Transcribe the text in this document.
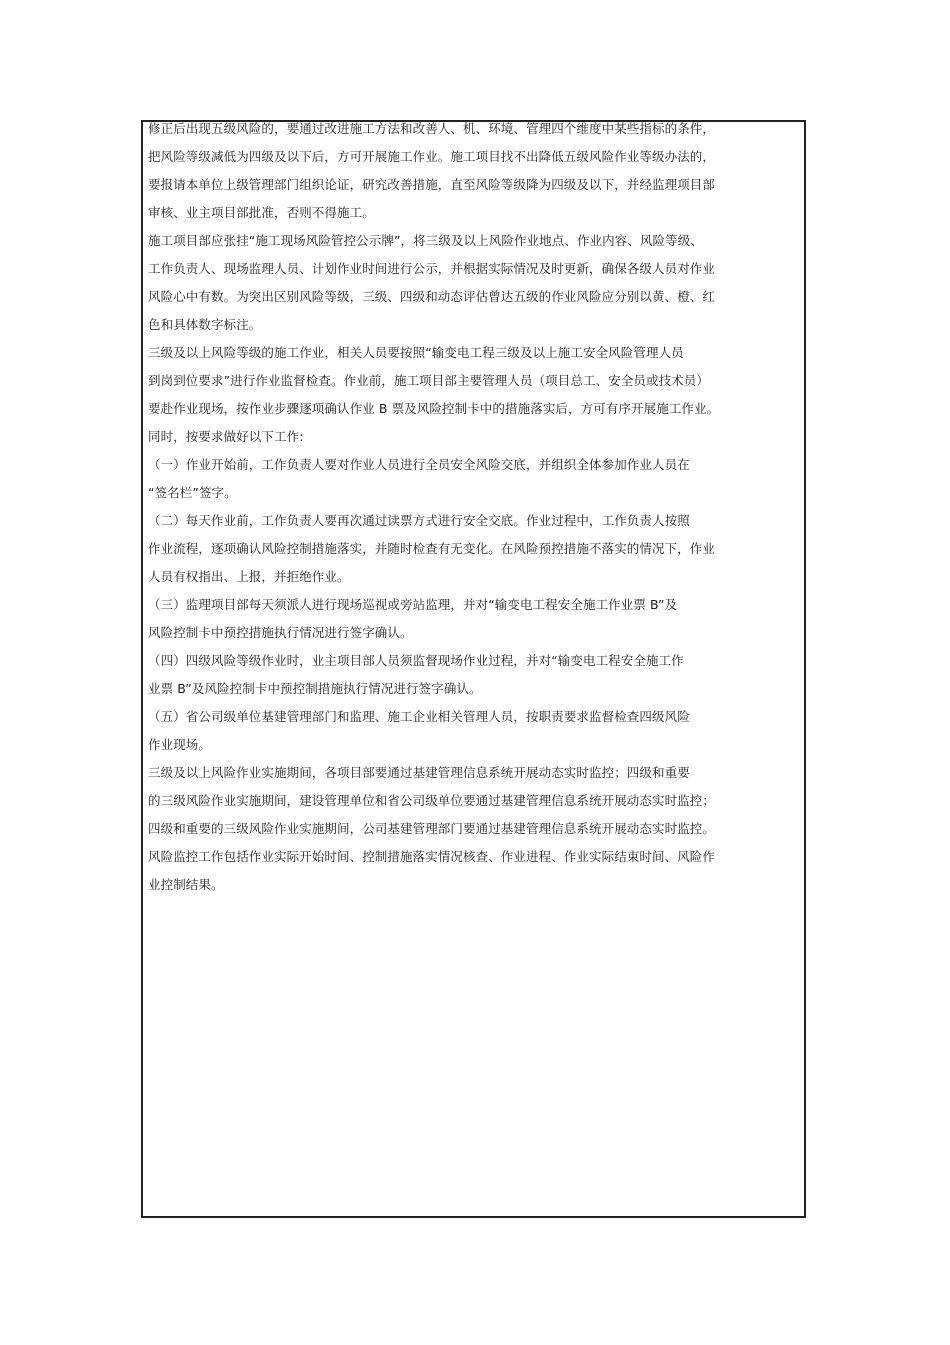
修正后出现五级风险的，要通过改进施工方法和改善人、机、环境、管理四个维度中某些指标的条件，
把风险等级减低为四级及以下后，方可开展施工作业。施工项目找不出降低五级风险作业等级办法的，
要报请本单位上级管理部门组织论证，研究改善措施，直至风险等级降为四级及以下，并经监理项目部
审核、业主项目部批准，否则不得施工。
施工项目部应张挂“施工现场风险管控公示牌”，将三级及以上风险作业地点、作业内容、风险等级、
工作负责人、现场监理人员、计划作业时间进行公示，并根据实际情况及时更新，确保各级人员对作业
风险心中有数。为突出区别风险等级，三级、四级和动态评估曾达五级的作业风险应分别以黄、橙、红
色和具体数字标注。
三级及以上风险等级的施工作业，相关人员要按照“输变电工程三级及以上施工安全风险管理人员
到岗到位要求”进行作业监督检查。作业前，施工项目部主要管理人员（项目总工、安全员或技术员）
要赴作业现场，按作业步骤逐项确认作业 B 票及风险控制卡中的措施落实后，方可有序开展施工作业。
同时，按要求做好以下工作:
（一）作业开始前，工作负责人要对作业人员进行全员安全风险交底，并组织全体参加作业人员在
“签名栏”签字。
（二）每天作业前，工作负责人要再次通过读票方式进行安全交底。作业过程中，工作负责人按照
作业流程，逐项确认风险控制措施落实，并随时检查有无变化。在风险预控措施不落实的情况下，作业
人员有权指出、上报，并拒绝作业。
（三）监理项目部每天须派人进行现场巡视或旁站监理，并对“输变电工程安全施工作业票 B”及
风险控制卡中预控措施执行情况进行签字确认。
（四）四级风险等级作业时，业主项目部人员须监督现场作业过程，并对“输变电工程安全施工作
业票 B”及风险控制卡中预控制措施执行情况进行签字确认。
（五）省公司级单位基建管理部门和监理、施工企业相关管理人员，按职责要求监督检查四级风险
作业现场。
三级及以上风险作业实施期间，各项目部要通过基建管理信息系统开展动态实时监控；四级和重要
的三级风险作业实施期间，建设管理单位和省公司级单位要通过基建管理信息系统开展动态实时监控；
四级和重要的三级风险作业实施期间，公司基建管理部门要通过基建管理信息系统开展动态实时监控。
风险监控工作包括作业实际开始时间、控制措施落实情况核查、作业进程、作业实际结束时间、风险作
业控制结果。
